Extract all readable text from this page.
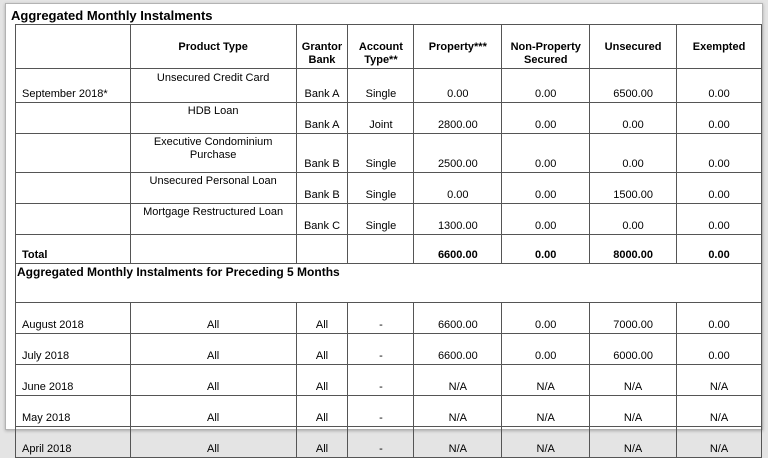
Aggregated Monthly Instalments
	Product Type	Grantor Bank	Account Type**	Property***	Non-Property Secured	Unsecured	Exempted
September 2018*	Unsecured Credit Card	Bank A	Single	0.00	0.00	6500.00	0.00
	HDB Loan	Bank A	Joint	2800.00	0.00	0.00	0.00
	Executive Condominium Purchase	Bank B	Single	2500.00	0.00	0.00	0.00
	Unsecured Personal Loan	Bank B	Single	0.00	0.00	1500.00	0.00
	Mortgage Restructured Loan	Bank C	Single	1300.00	0.00	0.00	0.00
Total				6600.00	0.00	8000.00	0.00
Aggregated Monthly Instalments for Preceding 5 Months							
August 2018	All	All	-	6600.00	0.00	7000.00	0.00
July 2018	All	All	-	6600.00	0.00	6000.00	0.00
June 2018	All	All	-	N/A	N/A	N/A	N/A
May 2018	All	All	-	N/A	N/A	N/A	N/A
April 2018	All	All	-	N/A	N/A	N/A	N/A
